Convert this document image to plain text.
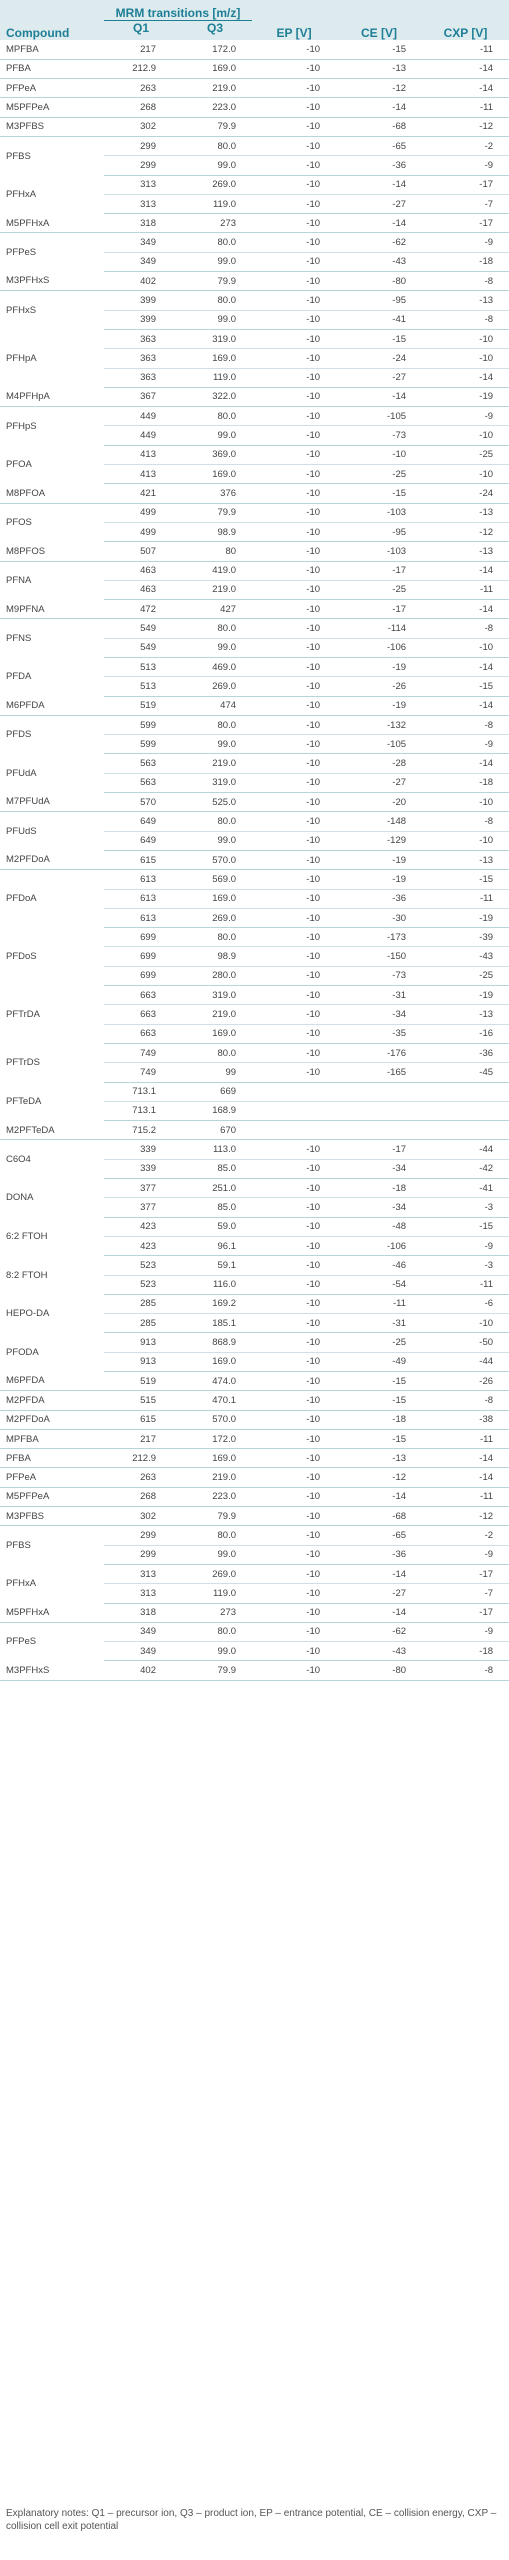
Compound	MRM transitions [m/z]		EP [V]	CE [V]	CXP [V]
	Q1	Q3			
MPFBA	217	172.0	-10	-15	-11
PFBA	212.9	169.0	-10	-13	-14
PFPeA	263	219.0	-10	-12	-14
M5PFPeA	268	223.0	-10	-14	-11
M3PFBS	302	79.9	-10	-68	-12
PFBS	299	80.0	-10	-65	-2
	299	99.0	-10	-36	-9
PFHxA	313	269.0	-10	-14	-17
	313	119.0	-10	-27	-7
M5PFHxA	318	273	-10	-14	-17
PFPeS	349	80.0	-10	-62	-9
	349	99.0	-10	-43	-18
M3PFHxS	402	79.9	-10	-80	-8
PFHxS	399	80.0	-10	-95	-13
	399	99.0	-10	-41	-8
PFHpA	363	319.0	-10	-15	-10
	363	169.0	-10	-24	-10
	363	119.0	-10	-27	-14
M4PFHpA	367	322.0	-10	-14	-19
PFHpS	449	80.0	-10	-105	-9
	449	99.0	-10	-73	-10
PFOA	413	369.0	-10	-10	-25
	413	169.0	-10	-25	-10
M8PFOA	421	376	-10	-15	-24
PFOS	499	79.9	-10	-103	-13
	499	98.9	-10	-95	-12
M8PFOS	507	80	-10	-103	-13
PFNA	463	419.0	-10	-17	-14
	463	219.0	-10	-25	-11
M9PFNA	472	427	-10	-17	-14
PFNS	549	80.0	-10	-114	-8
	549	99.0	-10	-106	-10
PFDA	513	469.0	-10	-19	-14
	513	269.0	-10	-26	-15
M6PFDA	519	474	-10	-19	-14
PFDS	599	80.0	-10	-132	-8
	599	99.0	-10	-105	-9
PFUdA	563	219.0	-10	-28	-14
	563	319.0	-10	-27	-18
M7PFUdA	570	525.0	-10	-20	-10
PFUdS	649	80.0	-10	-148	-8
	649	99.0	-10	-129	-10
M2PFDoA	615	570.0	-10	-19	-13
PFDoA	613	569.0	-10	-19	-15
	613	169.0	-10	-36	-11
	613	269.0	-10	-30	-19
PFDoS	699	80.0	-10	-173	-39
	699	98.9	-10	-150	-43
	699	280.0	-10	-73	-25
PFTrDA	663	319.0	-10	-31	-19
	663	219.0	-10	-34	-13
	663	169.0	-10	-35	-16
PFTrDS	749	80.0	-10	-176	-36
	749	99	-10	-165	-45
PFTeDA	713.1	669			
	713.1	168.9			
M2PFTeDA	715.2	670			
C6O4	339	113.0	-10	-17	-44
	339	85.0	-10	-34	-42
DONA	377	251.0	-10	-18	-41
	377	85.0	-10	-34	-3
6:2 FTOH	423	59.0	-10	-48	-15
	423	96.1	-10	-106	-9
8:2 FTOH	523	59.1	-10	-46	-3
	523	116.0	-10	-54	-11
HEPO-DA	285	169.2	-10	-11	-6
	285	185.1	-10	-31	-10
PFODA	913	868.9	-10	-25	-50
	913	169.0	-10	-49	-44
M6PFDA	519	474.0	-10	-15	-26
M2PFDA	515	470.1	-10	-15	-8
M2PFDoA	615	570.0	-10	-18	-38
MPFBA	217	172.0	-10	-15	-11
PFBA	212.9	169.0	-10	-13	-14
PFPeA	263	219.0	-10	-12	-14
M5PFPeA	268	223.0	-10	-14	-11
M3PFBS	302	79.9	-10	-68	-12
PFBS	299	80.0	-10	-65	-2
	299	99.0	-10	-36	-9
PFHxA	313	269.0	-10	-14	-17
	313	119.0	-10	-27	-7
M5PFHxA	318	273	-10	-14	-17
PFPeS	349	80.0	-10	-62	-9
	349	99.0	-10	-43	-18
M3PFHxS	402	79.9	-10	-80	-8
Explanatory notes: Q1 – precursor ion, Q3 – product ion, EP – entrance potential, CE – collision energy, CXP – collision cell exit potential
